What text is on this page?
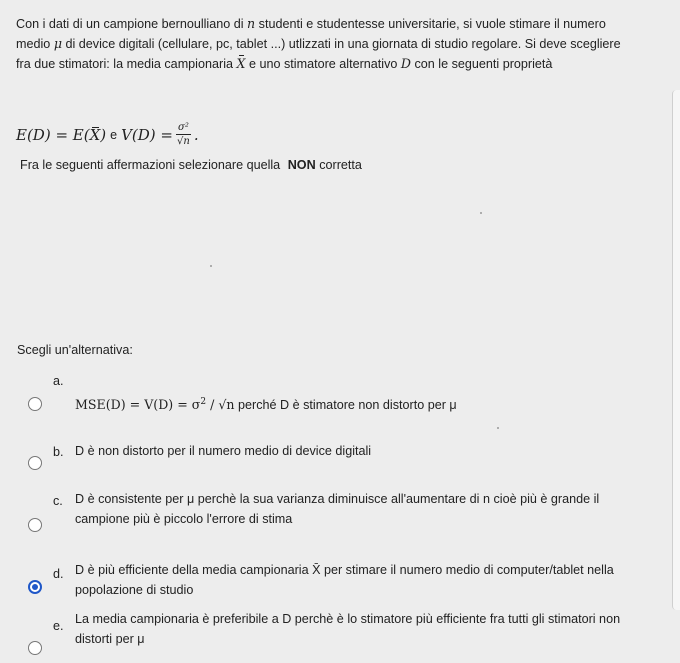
Con i dati di un campione bernoulliano di n studenti e studentesse universitarie, si vuole stimare il numero medio μ di device digitali (cellulare, pc, tablet ...) utlizzati in una giornata di studio regolare. Si deve scegliere fra due stimatori: la media campionaria X e uno stimatore alternativo D con le seguenti proprietà

E(D) = E( X ) e $V(D) = \frac{\text{σ²}}{√n}$ .
Fra le seguenti affermazioni selezionare quella NON corretta
Scegli un'alternativa:
a.
$MSE(D) = V(D) = \sigma^2 / √n$ perché D è stimatore non distorto per μ
b. D è non distorto per il numero medio di device digitali
c. D è consistente per μ perchè la sua varianza diminuisce all'aumentare di n cioè più è grande il campione più è piccolo l'errore di stima
d. D è più efficiente della media campionaria X̄ per stimare il numero medio di computer/tablet nella popolazione di studio
e. La media campionaria è preferibile a D perchè è lo stimatore più efficiente fra tutti gli stimatori non distorti per μ
